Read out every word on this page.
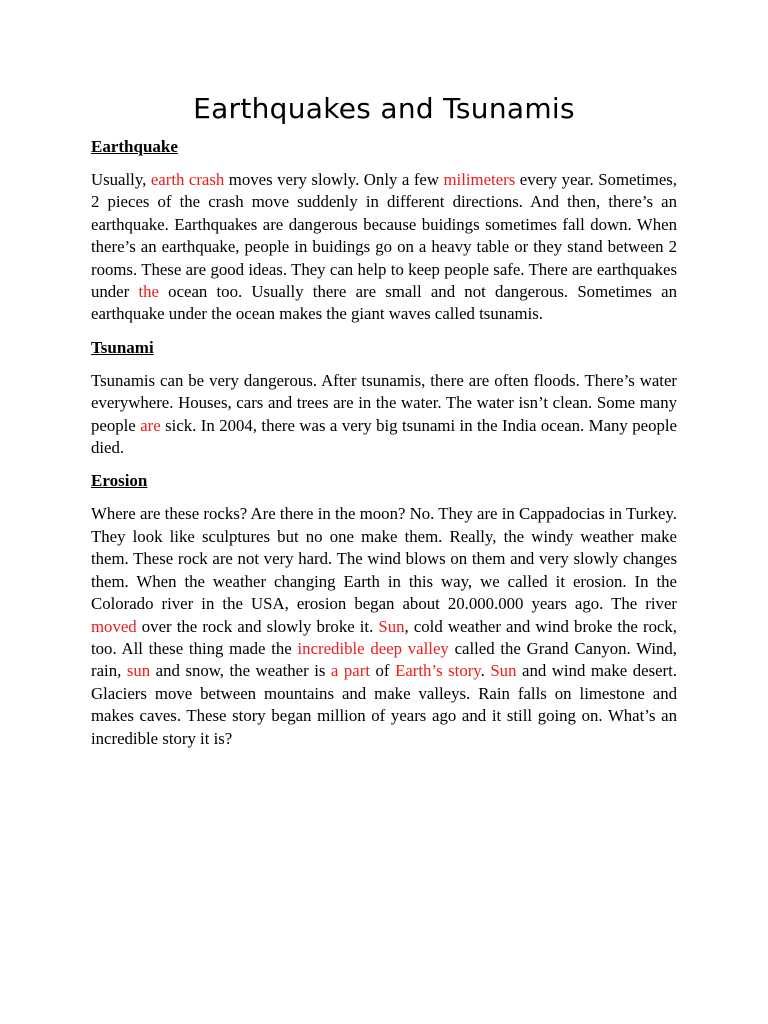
Earthquakes and Tsunamis
Earthquake

Usually, earth crash moves very slowly. Only a few milimeters every year. Sometimes, 2 pieces of the crash move suddenly in different directions. And then, there’s an earthquake. Earthquakes are dangerous because buidings sometimes fall down. When there’s an earthquake, people in buidings go on a heavy table or they stand between 2 rooms. These are good ideas. They can help to keep people safe. There are earthquakes under the ocean too. Usually there are small and not dangerous. Sometimes an earthquake under the ocean makes the giant waves called tsunamis.

Tsunami

Tsunamis can be very dangerous. After tsunamis, there are often floods. There’s water everywhere. Houses, cars and trees are in the water. The water isn’t clean. Some many people are sick. In 2004, there was a very big tsunami in the India ocean. Many people died.

Erosion

Where are these rocks? Are there in the moon? No. They are in Cappadocias in Turkey. They look like sculptures but no one make them. Really, the windy weather make them. These rock are not very hard. The wind blows on them and very slowly changes them. When the weather changing Earth in this way, we called it erosion. In the Colorado river in the USA, erosion began about 20.000.000 years ago. The river moved over the rock and slowly broke it. Sun, cold weather and wind broke the rock, too. All these thing made the incredible deep valley called the Grand Canyon. Wind, rain, sun and snow, the weather is a part of Earth’s story. Sun and wind make desert. Glaciers move between mountains and make valleys. Rain falls on limestone and makes caves. These story began million of years ago and it still going on. What’s an incredible story it is?
